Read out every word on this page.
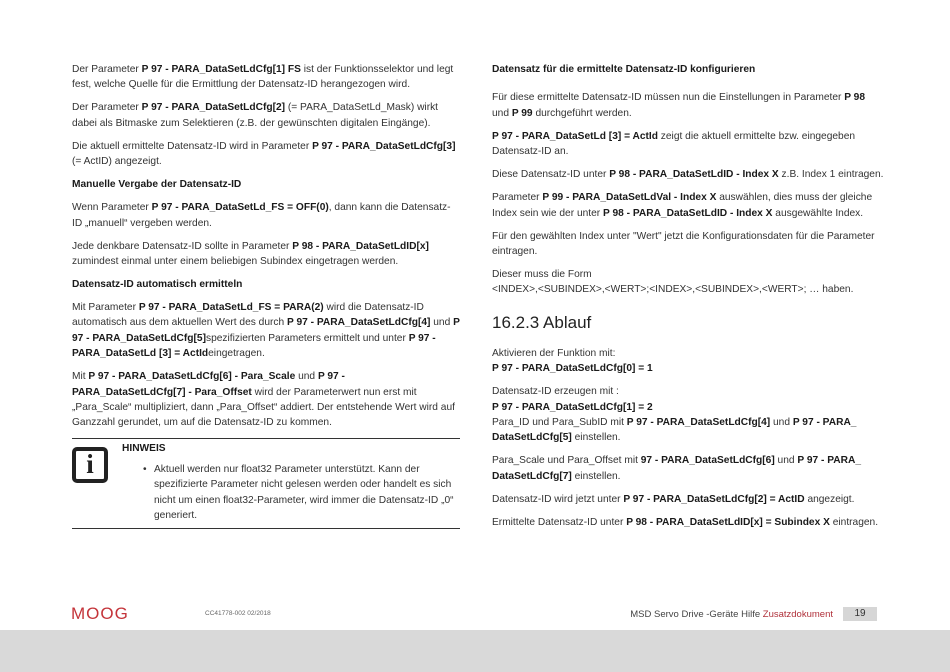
Der Parameter P 97 - PARA_DataSetLdCfg[1] FS ist der Funktionsselektor und legt fest, welche Quelle für die Ermittlung der Datensatz-ID herangezogen wird.

Der Parameter P 97 - PARA_DataSetLdCfg[2] (= PARA_DataSetLd_Mask) wirkt dabei als Bitmaske zum Selektieren (z.B. der gewünschten digitalen Eingänge).

Die aktuell ermittelte Datensatz-ID wird in Parameter P 97 - PARA_DataSetLdCfg[3] (= ActID) angezeigt.

Manuelle Vergabe der Datensatz-ID

Wenn Parameter P 97 - PARA_DataSetLd_FS = OFF(0), dann kann die Datensatz-ID „manuell“ vergeben werden.

Jede denkbare Datensatz-ID sollte in Parameter P 98 - PARA_DataSetLdID[x] zumindest einmal unter einem beliebigen Subindex eingetragen werden.

Datensatz-ID automatisch ermitteln

Mit Parameter P 97 - PARA_DataSetLd_FS = PARA(2) wird die Datensatz-ID automatisch aus dem aktuellen Wert des durch P 97 - PARA_DataSetLdCfg[4] und P 97 - PARA_DataSetLdCfg[5]spezifizierten Parameters ermittelt und unter P 97 - PARA_DataSetLd [3] = ActIdeingetragen.

Mit P 97 - PARA_DataSetLdCfg[6] - Para_Scale und P 97 - PARA_DataSetLdCfg[7] - Para_Offset wird der Parameterwert nun erst mit „Para_Scale“ multipliziert, dann „Para_Offset“ addiert. Der entstehende Wert wird auf Ganzzahl gerundet, um auf die Datensatz-ID zu kommen.

i
HINWEIS
• Aktuell werden nur float32 Parameter unterstützt. Kann der spezifizierte Parameter nicht gelesen werden oder handelt es sich nicht um einen float32-Parameter, wird immer die Datensatz-ID „0“ generiert.
Datensatz für die ermittelte Datensatz-ID konfigurieren

Für diese ermittelte Datensatz-ID müssen nun die Einstellungen in Parameter P 98 und P 99 durchgeführt werden.

P 97 - PARA_DataSetLd [3] = ActId zeigt die aktuell ermittelte bzw. eingegeben Datensatz-ID an.

Diese Datensatz-ID unter P 98 - PARA_DataSetLdID - Index X z.B. Index 1 eintragen.

Parameter P 99 - PARA_DataSetLdVal - Index X auswählen, dies muss der gleiche Index sein wie der unter P 98 - PARA_DataSetLdID - Index X ausgewählte Index.

Für den gewählten Index unter "Wert" jetzt die Konfigurationsdaten für die Parameter eintragen.

Dieser muss die Form
<INDEX>,<SUBINDEX>,<WERT>;<INDEX>,<SUBINDEX>,<WERT>; … haben.

16.2.3 Ablauf

Aktivieren der Funktion mit:
P 97 - PARA_DataSetLdCfg[0] = 1

Datensatz-ID erzeugen mit :
P 97 - PARA_DataSetLdCfg[1] = 2

Para_ID und Para_SubID mit P 97 - PARA_DataSetLdCfg[4] und P 97 - PARA_ DataSetLdCfg[5] einstellen.

Para_Scale und Para_Offset mit 97 - PARA_DataSetLdCfg[6] und P 97 - PARA_ DataSetLdCfg[7] einstellen.

Datensatz-ID wird jetzt unter P 97 - PARA_DataSetLdCfg[2] = ActID angezeigt.

Ermittelte Datensatz-ID unter P 98 - PARA_DataSetLdID[x] = Subindex X eintragen.

MOOG	CC41778-002 02/2018	MSD Servo Drive -Geräte Hilfe Zusatzdokument	19
